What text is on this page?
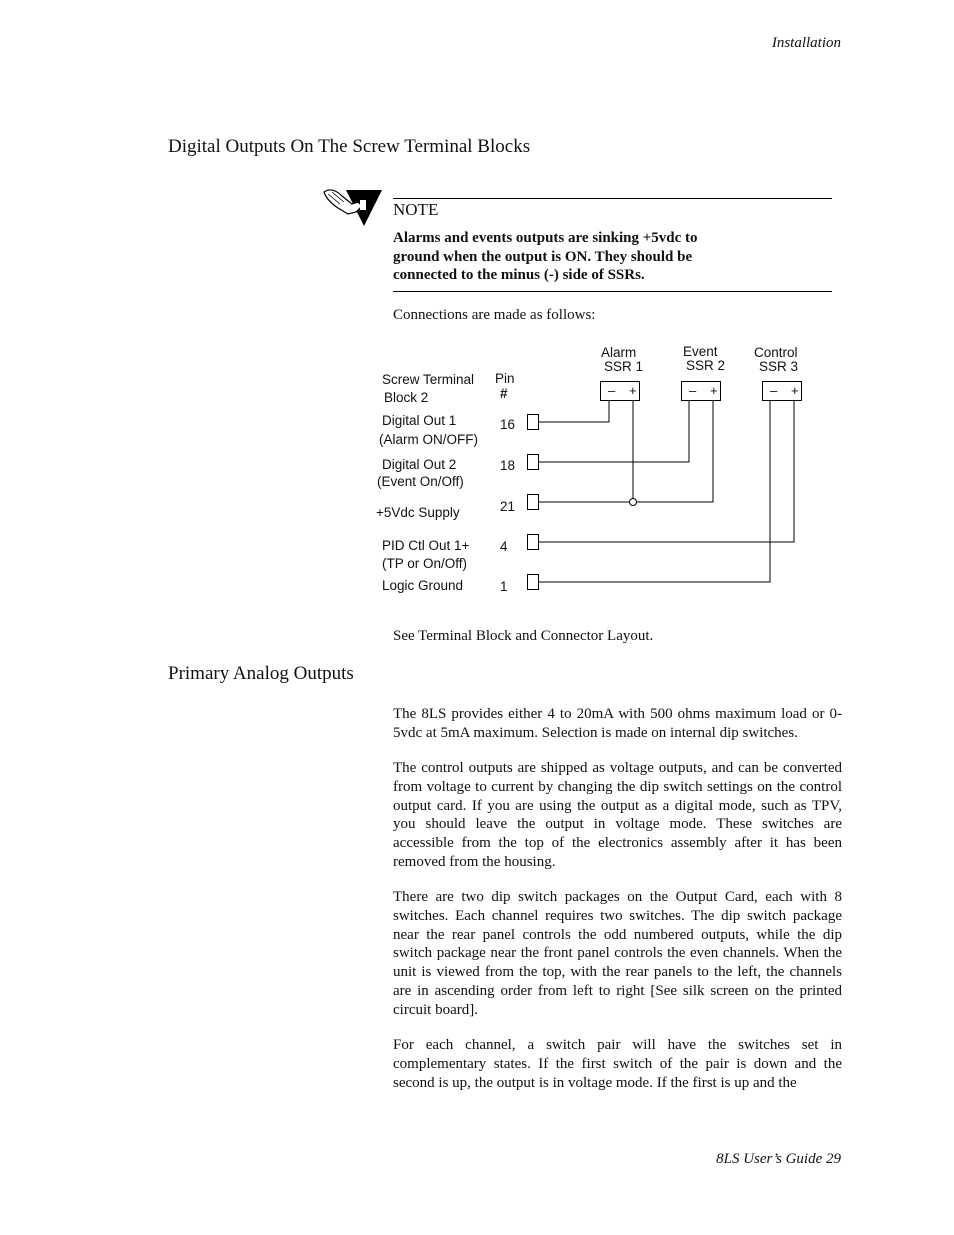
Installation
Digital Outputs On The Screw Terminal Blocks
NOTE
Alarms and events outputs are sinking +5vdc to
ground when the output is ON. They should be
connected to the minus (-) side of SSRs.
Connections are made as follows:
Screw Terminal
Block 2
Pin
#
Alarm
SSR 1
Event
SSR 2
Control
SSR 3
– +	– +	– +
Digital Out 1
(Alarm ON/OFF)
16
Digital Out 2
(Event On/Off)
18
+5Vdc Supply	21
PID Ctl Out 1+
(TP or On/Off)
4
Logic Ground	1
See Terminal Block and Connector Layout.
Primary Analog Outputs

The 8LS provides either 4 to 20mA with 500 ohms maximum load or 0-5vdc at 5mA maximum. Selection is made on internal dip switches.

The control outputs are shipped as voltage outputs, and can be converted from voltage to current by changing the dip switch settings on the control output card. If you are using the output as a digital mode, such as TPV, you should leave the output in voltage mode. These switches are accessible from the top of the electronics assembly after it has been removed from the housing.

There are two dip switch packages on the Output Card, each with 8 switches. Each channel requires two switches. The dip switch package near the rear panel controls the odd numbered outputs, while the dip switch package near the front panel controls the even channels. When the unit is viewed from the top, with the rear panels to the left, the channels are in ascending order from left to right [See silk screen on the printed circuit board].

For each channel, a switch pair will have the switches set in complementary states. If the first switch of the pair is down and the second is up, the output is in voltage mode. If the first is up and the

8LS User’s Guide 29
